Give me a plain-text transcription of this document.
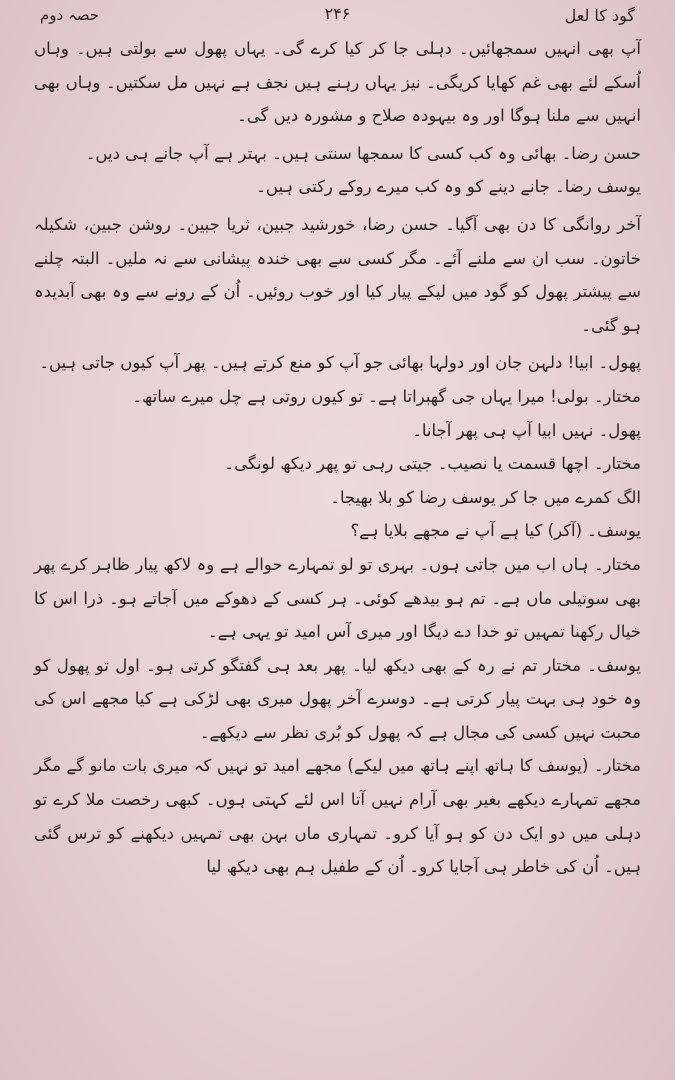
گود کا لعل
۲۴۶
حصہ دوم

آپ بھی انہیں سمجھائیں۔ دہلی جا کر کیا کرے گی۔ یہاں پھول سے بولتی ہیں۔ وہاں اُسکے لئے بھی غم کھایا کریگی۔ نیز یہاں رہنے ہیں نجف ہے نہیں مل سکتیں۔ وہاں بھی انہیں سے ملنا ہوگا اور وہ بیہودہ صلاح و مشورہ دیں گی۔

حسن رضا۔ بھائی وہ کب کسی کا سمجھا سنتی ہیں۔ بہتر ہے آپ جانے ہی دیں۔

یوسف رضا۔ جانے دینے کو وہ کب میرے روکے رکتی ہیں۔

آخر روانگی کا دن بھی آگیا۔ حسن رضا، خورشید جبین، ثریا جبین۔ روشن جبین، شکیلہ خاتون۔ سب ان سے ملنے آئے۔ مگر کسی سے بھی خندہ پیشانی سے نہ ملیں۔ البتہ چلنے سے پیشتر پھول کو گود میں لیکے پیار کیا اور خوب روئیں۔ اُن کے رونے سے وہ بھی آبدیدہ ہو گئی۔

پھول۔ ابیا! دلہن جان اور دولہا بھائی جو آپ کو منع کرتے ہیں۔ پھر آپ کیوں جاتی ہیں۔

مختار۔ بولی! میرا یہاں جی گھبراتا ہے۔ تو کیوں روتی ہے چل میرے ساتھ۔

پھول۔ نہیں ابیا آپ ہی پھر آجانا۔

مختار۔ اچھا قسمت یا نصیب۔ جیتی رہی تو پھر دیکھ لونگی۔

الگ کمرے میں جا کر یوسف رضا کو بلا بھیجا۔

یوسف۔ (آکر) کیا ہے آپ نے مجھے بلایا ہے؟

مختار۔ ہاں اب میں جاتی ہوں۔ بہری تو لو تمہارے حوالے ہے وہ لاکھ پیار ظاہر کرے پھر بھی سوتیلی ماں ہے۔ تم ہو بیدھے کوئی۔ ہر کسی کے دھوکے میں آجاتے ہو۔ ذرا اس کا خیال رکھنا تمہیں تو خدا دے دیگا اور میری آس امید تو یہی ہے۔

یوسف۔ مختار تم نے رہ کے بھی دیکھ لیا۔ پھر بعد ہی گفتگو کرتی ہو۔ اول تو پھول کو وہ خود ہی بہت پیار کرتی ہے۔ دوسرے آخر پھول میری بھی لڑکی ہے کیا مجھے اس کی محبت نہیں کسی کی مجال ہے کہ پھول کو بُری نظر سے دیکھے۔

مختار۔ (یوسف کا ہاتھ اپنے ہاتھ میں لیکے) مجھے امید تو نہیں کہ میری بات مانو گے مگر مجھے تمہارے دیکھے بغیر بھی آرام نہیں آتا اس لئے کہتی ہوں۔ کبھی رخصت ملا کرے تو دہلی میں دو ایک دن کو ہو آیا کرو۔ تمہاری ماں بہن بھی تمہیں دیکھنے کو ترس گئی ہیں۔ اُن کی خاطر ہی آجایا کرو۔ اُن کے طفیل ہم بھی دیکھ لیا
